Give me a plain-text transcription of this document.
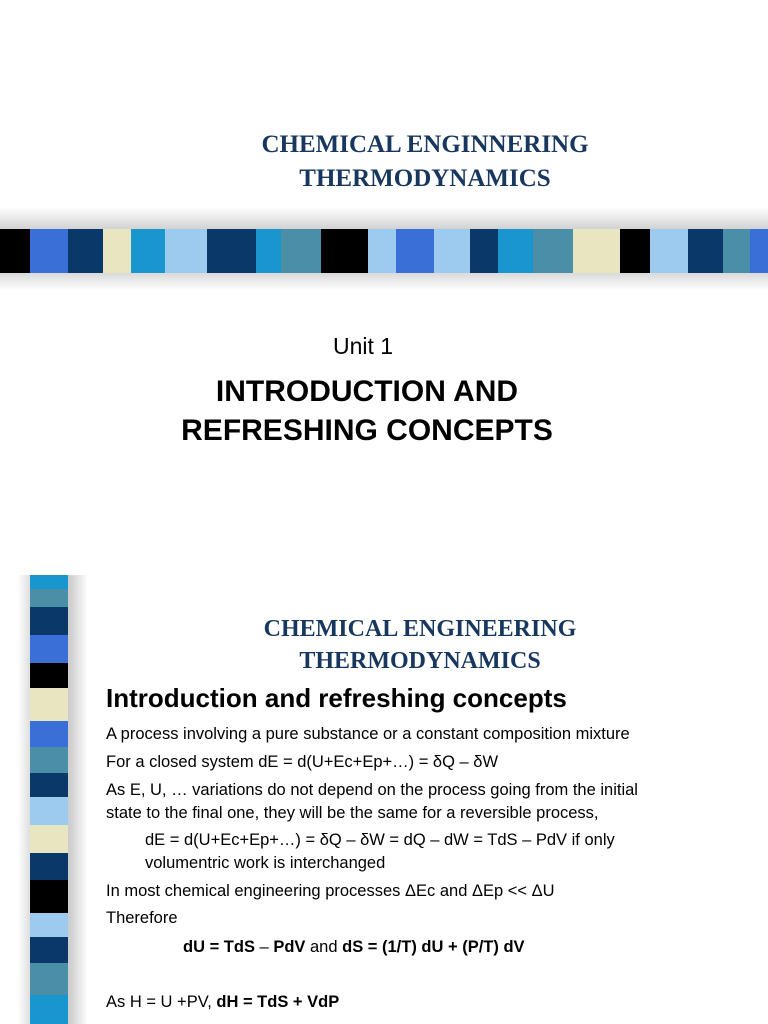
CHEMICAL ENGINNERING
THERMODYNAMICS
Unit 1
INTRODUCTION AND
REFRESHING CONCEPTS
CHEMICAL ENGINEERING
THERMODYNAMICS
Introduction and refreshing concepts
A process involving a pure substance or a constant composition mixture
For a closed system dE = d(U+Ec+Ep+…) = δQ – δW
As E, U, … variations do not depend on the process going from the initial
state to the final one, they will be the same for a reversible process,
dE = d(U+Ec+Ep+…) = δQ – δW = dQ – dW = TdS – PdV if only
volumentric work is interchanged
In most chemical engineering processes ΔEc and ΔEp << ΔU
Therefore
dU = TdS – PdV and dS = (1/T) dU + (P/T) dV
As H = U +PV, dH = TdS + VdP
